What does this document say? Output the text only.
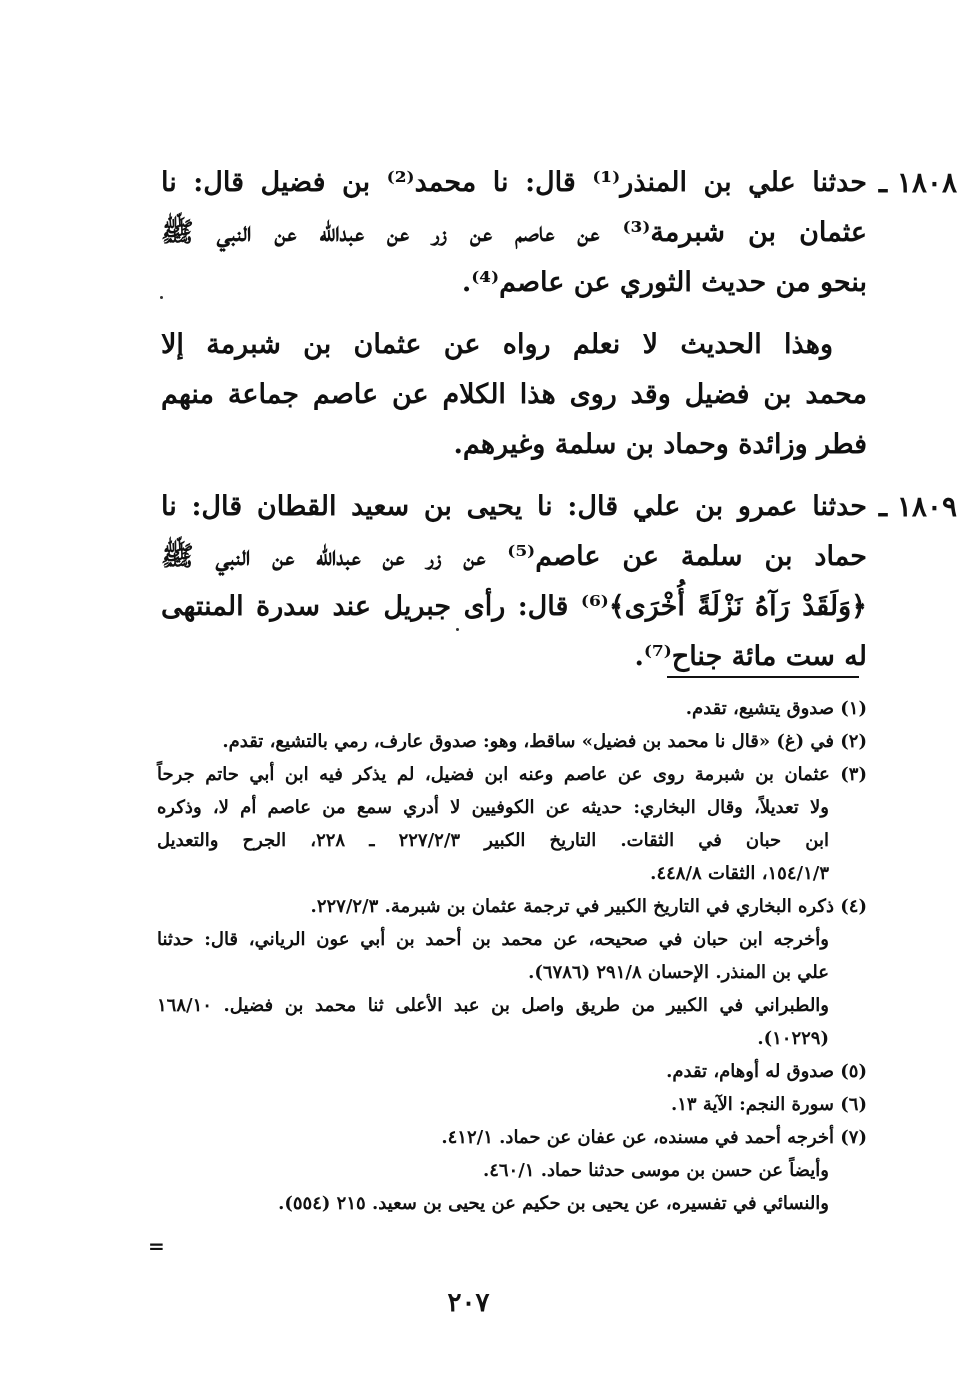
١٨٠٨ ـ
حدثنا علي بن المنذر⁽¹⁾ قال: نا محمد⁽²⁾ بن فضيل قال: نا
عثمان بن شبرمة⁽³⁾ عن عاصم عن زر عن عبدالله عن النبي ﷺ
بنحو من حديث الثوري عن عاصم⁽⁴⁾.
وهذا الحديث لا نعلم رواه عن عثمان بن شبرمة إلا
محمد بن فضيل وقد روى هذا الكلام عن عاصم جماعة منهم
فطر وزائدة وحماد بن سلمة وغيرهم.
١٨٠٩ ـ
حدثنا عمرو بن علي قال: نا يحيى بن سعيد القطان قال: نا
حماد بن سلمة عن عاصم⁽⁵⁾ عن زر عن عبدالله عن النبي ﷺ
﴿وَلَقَدْ رَآهُ نَزْلَةً أُخْرَى﴾⁽⁶⁾ قال: رأى جبريل عند سدرة المنتهى
له ست مائة جناح⁽⁷⁾.
(١) صدوق يتشيع، تقدم.
(٢) في (غ) «قال نا محمد بن فضيل» ساقط، وهو: صدوق عارف، رمي بالتشيع، تقدم.
(٣) عثمان بن شبرمة روى عن عاصم وعنه ابن فضيل، لم يذكر فيه ابن أبي حاتم جرحاً
ولا تعديلاً، وقال البخاري: حديثه عن الكوفيين لا أدري سمع من عاصم أم لا، وذكره
ابن حبان في الثقات. التاريخ الكبير ٢٢٧/٢/٣ ـ ٢٢٨، الجرح والتعديل
١٥٤/١/٣، الثقات ٤٤٨/٨.
(٤) ذكره البخاري في التاريخ الكبير في ترجمة عثمان بن شبرمة. ٢٢٧/٢/٣.
وأخرجه ابن حبان في صحيحه، عن محمد بن أحمد بن أبي عون الرياني، قال: حدثنا
علي بن المنذر. الإحسان ٢٩١/٨ (٦٧٨٦).
والطبراني في الكبير من طريق واصل بن عبد الأعلى ثنا محمد بن فضيل. ١٦٨/١٠
(١٠٢٢٩).
(٥) صدوق له أوهام، تقدم.
(٦) سورة النجم: الآية ١٣.
(٧) أخرجه أحمد في مسنده، عن عفان عن حماد. ٤١٢/١.
وأيضاً عن حسن بن موسى حدثنا حماد. ٤٦٠/١.
والنسائي في تفسيره، عن يحيى بن حكيم عن يحيى بن سعيد. ٢١٥ (٥٥٤).
=
٢٠٧
